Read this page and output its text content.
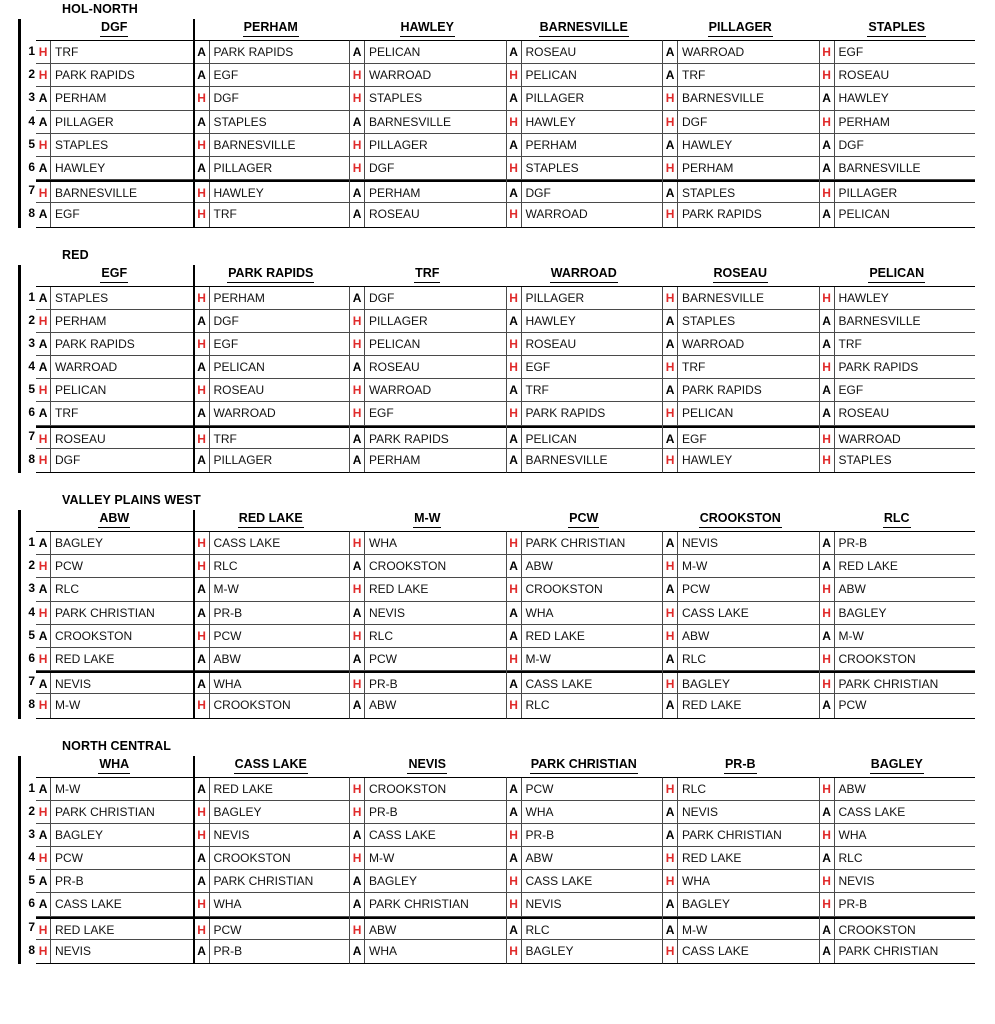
HOL-NORTH
1
2
3
4
5
6
7
8
DGF
H TRF
H PARK RAPIDS
A PERHAM
A PILLAGER
H STAPLES
A HAWLEY
H BARNESVILLE
A EGF
PERHAM
A PARK RAPIDS
A EGF
H DGF
A STAPLES
H BARNESVILLE
A PILLAGER
H HAWLEY
H TRF
HAWLEY
A PELICAN
H WARROAD
H STAPLES
A BARNESVILLE
H PILLAGER
H DGF
A PERHAM
A ROSEAU
BARNESVILLE
A ROSEAU
H PELICAN
A PILLAGER
H HAWLEY
A PERHAM
H STAPLES
A DGF
H WARROAD
PILLAGER
A WARROAD
A TRF
H BARNESVILLE
H DGF
A HAWLEY
H PERHAM
A STAPLES
H PARK RAPIDS
STAPLES
H EGF
H ROSEAU
A HAWLEY
H PERHAM
A DGF
A BARNESVILLE
H PILLAGER
A PELICAN
RED
1
2
3
4
5
6
7
8
EGF
A STAPLES
H PERHAM
A PARK RAPIDS
A WARROAD
H PELICAN
A TRF
H ROSEAU
H DGF
PARK RAPIDS
H PERHAM
A DGF
H EGF
A PELICAN
H ROSEAU
A WARROAD
H TRF
A PILLAGER
TRF
A DGF
H PILLAGER
H PELICAN
A ROSEAU
H WARROAD
H EGF
A PARK RAPIDS
A PERHAM
WARROAD
H PILLAGER
A HAWLEY
H ROSEAU
H EGF
A TRF
H PARK RAPIDS
A PELICAN
A BARNESVILLE
ROSEAU
H BARNESVILLE
A STAPLES
A WARROAD
H TRF
A PARK RAPIDS
H PELICAN
A EGF
H HAWLEY
PELICAN
H HAWLEY
A BARNESVILLE
A TRF
H PARK RAPIDS
A EGF
A ROSEAU
H WARROAD
H STAPLES
VALLEY PLAINS WEST
1
2
3
4
5
6
7
8
ABW
A BAGLEY
H PCW
A RLC
H PARK CHRISTIAN
A CROOKSTON
H RED LAKE
A NEVIS
H M-W
RED LAKE
H CASS LAKE
H RLC
A M-W
A PR-B
H PCW
A ABW
A WHA
H CROOKSTON
M-W
H WHA
A CROOKSTON
H RED LAKE
A NEVIS
H RLC
A PCW
H PR-B
A ABW
PCW
H PARK CHRISTIAN
A ABW
H CROOKSTON
A WHA
A RED LAKE
H M-W
A CASS LAKE
H RLC
CROOKSTON
A NEVIS
H M-W
A PCW
H CASS LAKE
H ABW
A RLC
H BAGLEY
A RED LAKE
RLC
A PR-B
A RED LAKE
H ABW
H BAGLEY
A M-W
H CROOKSTON
H PARK CHRISTIAN
A PCW
NORTH CENTRAL
1
2
3
4
5
6
7
8
WHA
A M-W
H PARK CHRISTIAN
A BAGLEY
H PCW
A PR-B
A CASS LAKE
H RED LAKE
H NEVIS
CASS LAKE
A RED LAKE
H BAGLEY
H NEVIS
A CROOKSTON
A PARK CHRISTIAN
H WHA
H PCW
A PR-B
NEVIS
H CROOKSTON
H PR-B
A CASS LAKE
H M-W
A BAGLEY
A PARK CHRISTIAN
H ABW
A WHA
PARK CHRISTIAN
A PCW
A WHA
H PR-B
A ABW
H CASS LAKE
H NEVIS
A RLC
H BAGLEY
PR-B
H RLC
A NEVIS
A PARK CHRISTIAN
H RED LAKE
H WHA
A BAGLEY
A M-W
H CASS LAKE
BAGLEY
H ABW
A CASS LAKE
H WHA
A RLC
H NEVIS
H PR-B
A CROOKSTON
A PARK CHRISTIAN
